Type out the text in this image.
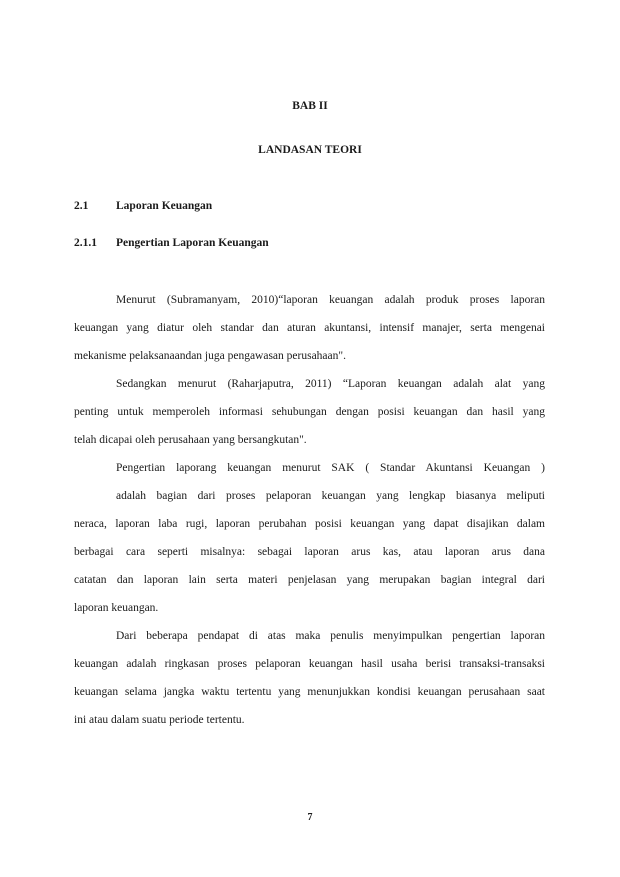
BAB II
LANDASAN TEORI
2.1 Laporan Keuangan
2.1.1 Pengertian Laporan Keuangan
Menurut (Subramanyam, 2010)“laporan keuangan adalah produk proses laporan
keuangan yang diatur oleh standar dan aturan akuntansi, intensif manajer, serta mengenai
mekanisme pelaksanaandan juga pengawasan perusahaan".
Sedangkan menurut (Raharjaputra, 2011) “Laporan keuangan adalah alat yang
penting untuk memperoleh informasi sehubungan dengan posisi keuangan dan hasil yang
telah dicapai oleh perusahaan yang bersangkutan".
Pengertian laporang keuangan menurut SAK ( Standar Akuntansi Keuangan )
adalah bagian dari proses pelaporan keuangan yang lengkap biasanya meliputi
neraca, laporan laba rugi, laporan perubahan posisi keuangan yang dapat disajikan dalam
berbagai cara seperti misalnya: sebagai laporan arus kas, atau laporan arus dana
catatan dan laporan lain serta materi penjelasan yang merupakan bagian integral dari
laporan keuangan.
Dari beberapa pendapat di atas maka penulis menyimpulkan pengertian laporan
keuangan adalah ringkasan proses pelaporan keuangan hasil usaha berisi transaksi-transaksi
keuangan selama jangka waktu tertentu yang menunjukkan kondisi keuangan perusahaan saat
ini atau dalam suatu periode tertentu.
7
